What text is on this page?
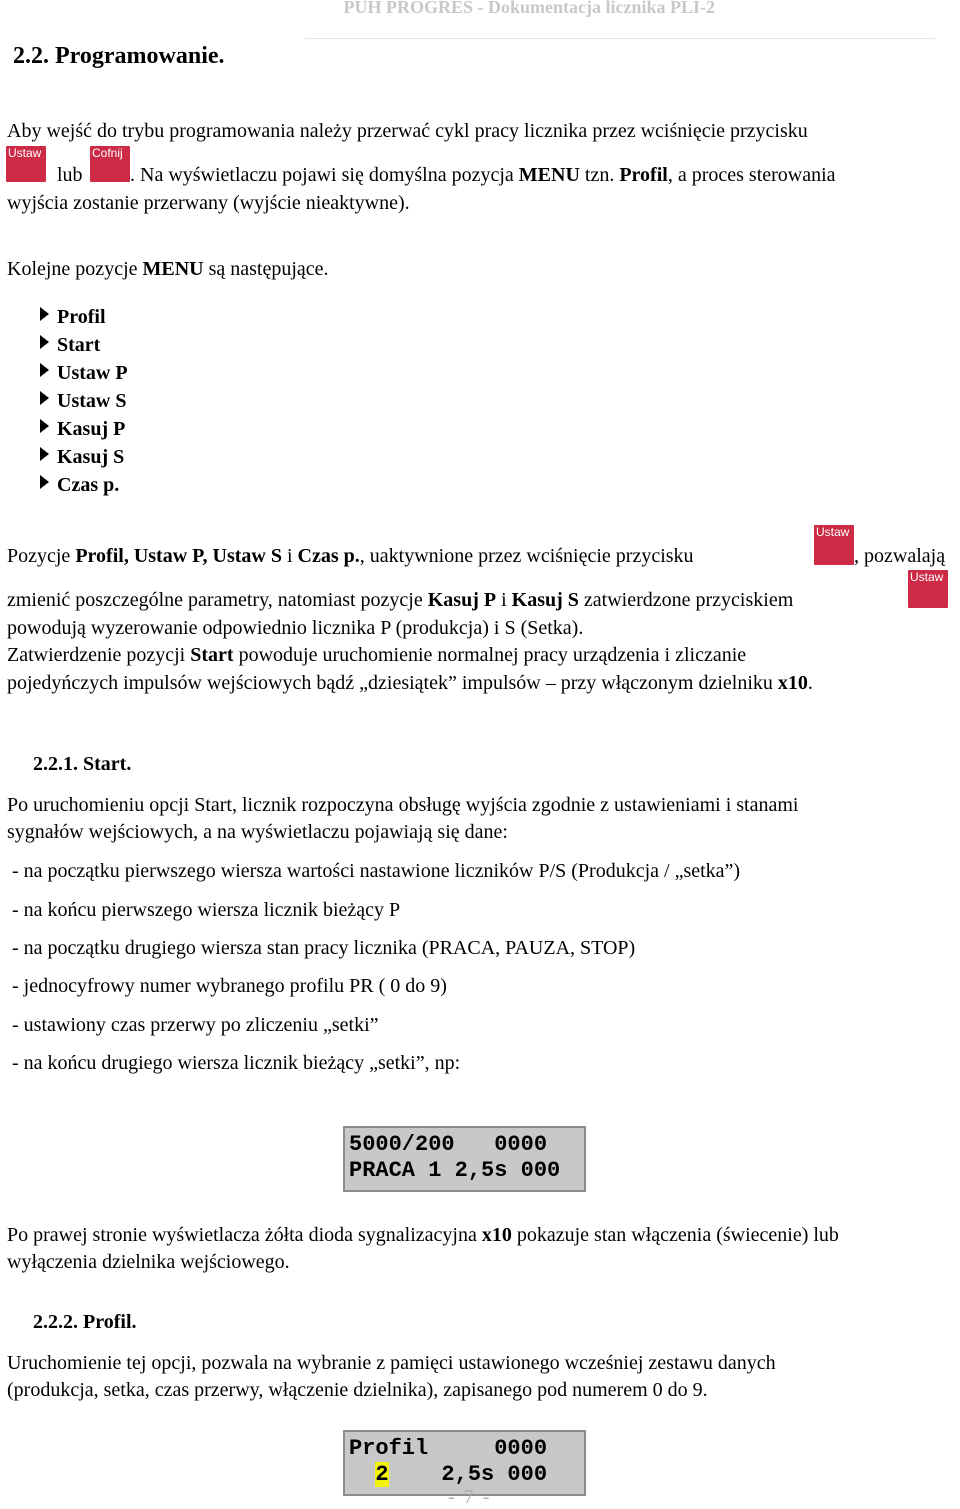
PUH PROGRES - Dokumentacja licznika PLI-2
2.2. Programowanie.
Aby wejść do trybu programowania należy przerwać cykl pracy licznika przez wciśnięcie przycisku
Ustaw	Cofnij
lub . Na wyświetlaczu pojawi się domyślna pozycja MENU tzn. Profil, a proces sterowania
wyjścia zostanie przerwany (wyjście nieaktywne).
Kolejne pozycje MENU są następujące.
Profil
Start
Ustaw P
Ustaw S
Kasuj P
Kasuj S
Czas p.
Pozycje Profil, Ustaw P, Ustaw S i Czas p., uaktywnione przez wciśnięcie przycisku
Ustaw
, pozwalają
zmienić poszczególne parametry, natomiast pozycje Kasuj P i Kasuj S zatwierdzone przyciskiem
Ustaw
powodują wyzerowanie odpowiednio licznika P (produkcja) i S (Setka).
Zatwierdzenie pozycji Start powoduje uruchomienie normalnej pracy urządzenia i zliczanie
pojedyńczych impulsów wejściowych bądź „dziesiątek” impulsów – przy włączonym dzielniku x10.
2.2.1. Start.
Po uruchomieniu opcji Start, licznik rozpoczyna obsługę wyjścia zgodnie z ustawieniami i stanami
sygnałów wejściowych, a na wyświetlaczu pojawiają się dane:
- na początku pierwszego wiersza wartości nastawione liczników P/S (Produkcja / „setka”)
- na końcu pierwszego wiersza licznik bieżący P
- na początku drugiego wiersza stan pracy licznika (PRACA, PAUZA, STOP)
- jednocyfrowy numer wybranego profilu PR ( 0 do 9)
- ustawiony czas przerwy po zliczeniu „setki”
- na końcu drugiego wiersza licznik bieżący „setki”, np:
5000/200   0000
PRACA 1 2,5s 000
Po prawej stronie wyświetlacza żółta dioda sygnalizacyjna x10 pokazuje stan włączenia (świecenie) lub
wyłączenia dzielnika wejściowego.
2.2.2. Profil.
Uruchomienie tej opcji, pozwala na wybranie z pamięci ustawionego wcześniej zestawu danych
(produkcja, setka, czas przerwy, włączenie dzielnika), zapisanego pod numerem 0 do 9.
Profil     0000
2    2,5s 000
- 7 -
